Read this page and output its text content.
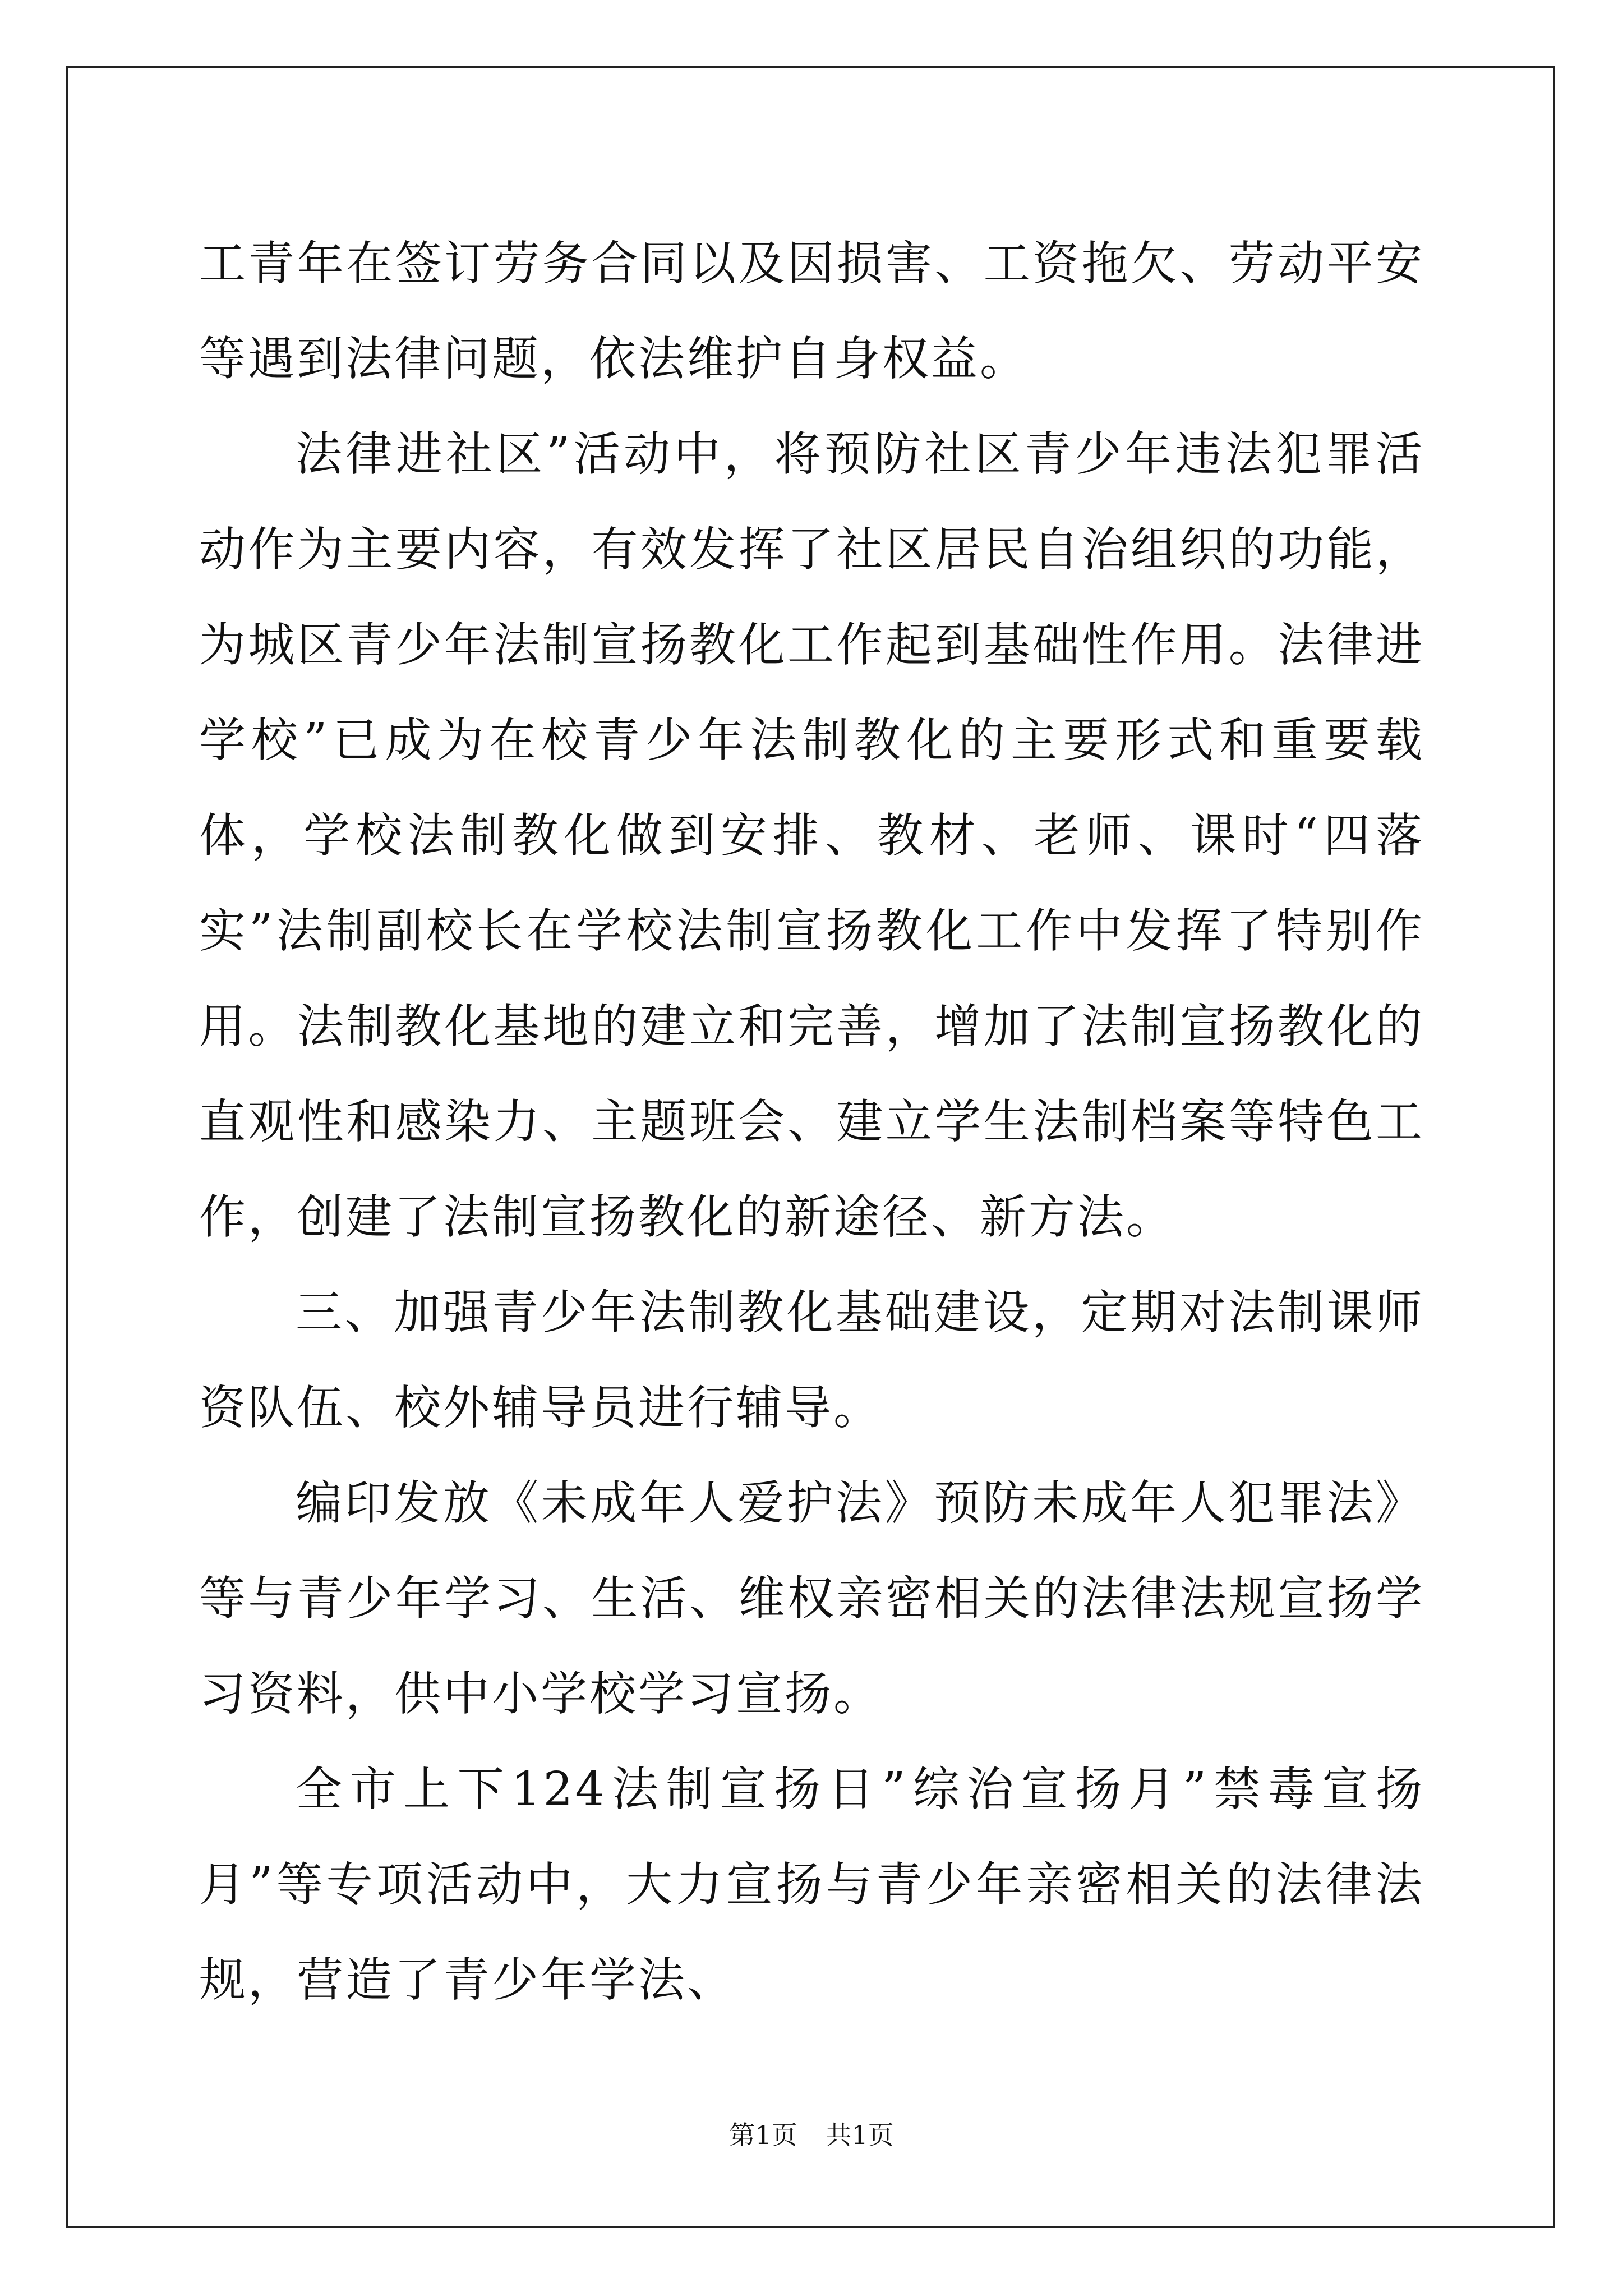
工青年在签订劳务合同以及因损害、工资拖欠、劳动平安等遇到法律问题，依法维护自身权益。

法律进社区”活动中，将预防社区青少年违法犯罪活动作为主要内容，有效发挥了社区居民自治组织的功能，为城区青少年法制宣扬教化工作起到基础性作用。法律进学校”已成为在校青少年法制教化的主要形式和重要载体，学校法制教化做到安排、教材、老师、课时“四落实”法制副校长在学校法制宣扬教化工作中发挥了特别作用。法制教化基地的建立和完善，增加了法制宣扬教化的直观性和感染力、主题班会、建立学生法制档案等特色工作，创建了法制宣扬教化的新途径、新方法。

三、加强青少年法制教化基础建设，定期对法制课师资队伍、校外辅导员进行辅导。

编印发放《未成年人爱护法》预防未成年人犯罪法》等与青少年学习、生活、维权亲密相关的法律法规宣扬学习资料，供中小学校学习宣扬。

全市上下124法制宣扬日”综治宣扬月”禁毒宣扬月”等专项活动中，大力宣扬与青少年亲密相关的法律法规，营造了青少年学法、

第1页 共1页
